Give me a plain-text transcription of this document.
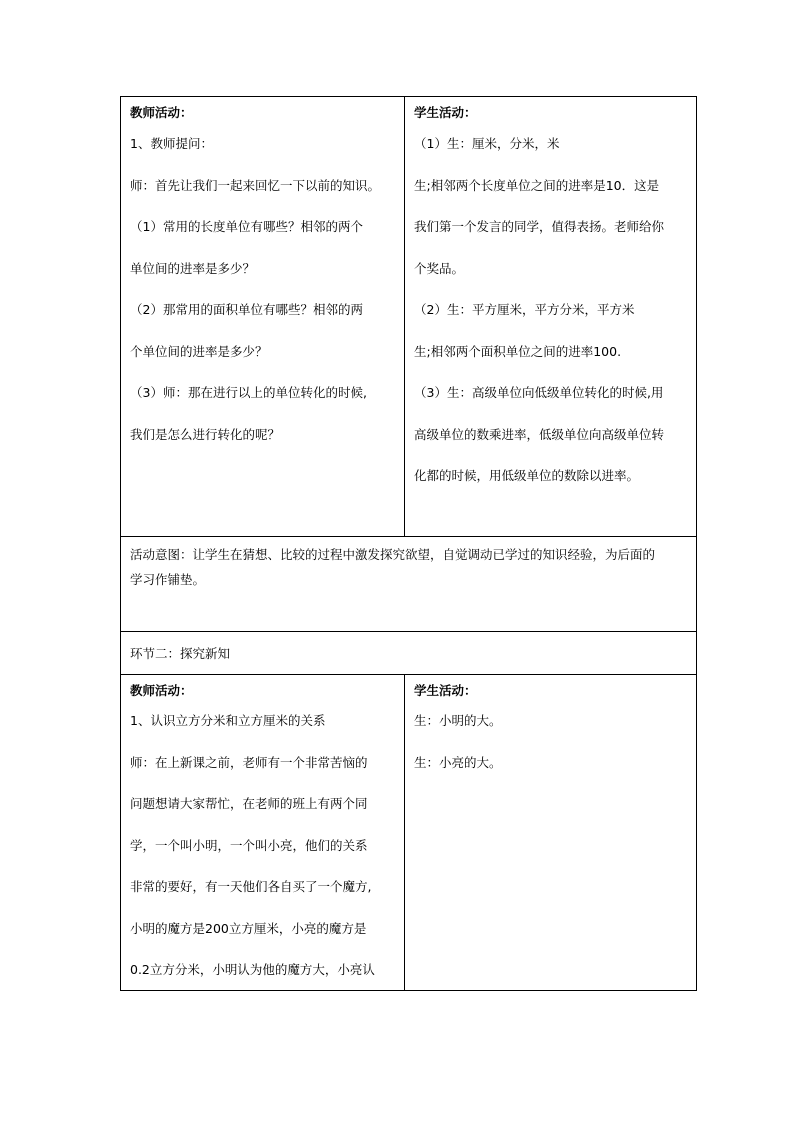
教师活动：
1、教师提问：
师：首先让我们一起来回忆一下以前的知识。
（1）常用的长度单位有哪些？相邻的两个
单位间的进率是多少？
（2）那常用的面积单位有哪些？相邻的两
个单位间的进率是多少？
（3）师：那在进行以上的单位转化的时候,
我们是怎么进行转化的呢？
学生活动：
（1）生：厘米，分米，米
生;相邻两个长度单位之间的进率是10．这是
我们第一个发言的同学，值得表扬。老师给你
个奖品。
（2）生：平方厘米，平方分米，平方米
生;相邻两个面积单位之间的进率100.
（3）生：高级单位向低级单位转化的时候,用
高级单位的数乘进率，低级单位向高级单位转
化都的时候，用低级单位的数除以进率。
活动意图：让学生在猜想、比较的过程中激发探究欲望，自觉调动已学过的知识经验，为后面的
学习作铺垫。
环节二：探究新知
教师活动：
1、认识立方分米和立方厘米的关系
师：在上新课之前，老师有一个非常苦恼的
问题想请大家帮忙，在老师的班上有两个同
学，一个叫小明，一个叫小亮，他们的关系
非常的要好，有一天他们各自买了一个魔方,
小明的魔方是200立方厘米，小亮的魔方是
0.2立方分米，小明认为他的魔方大，小亮认
学生活动：
生：小明的大。
生：小亮的大。
